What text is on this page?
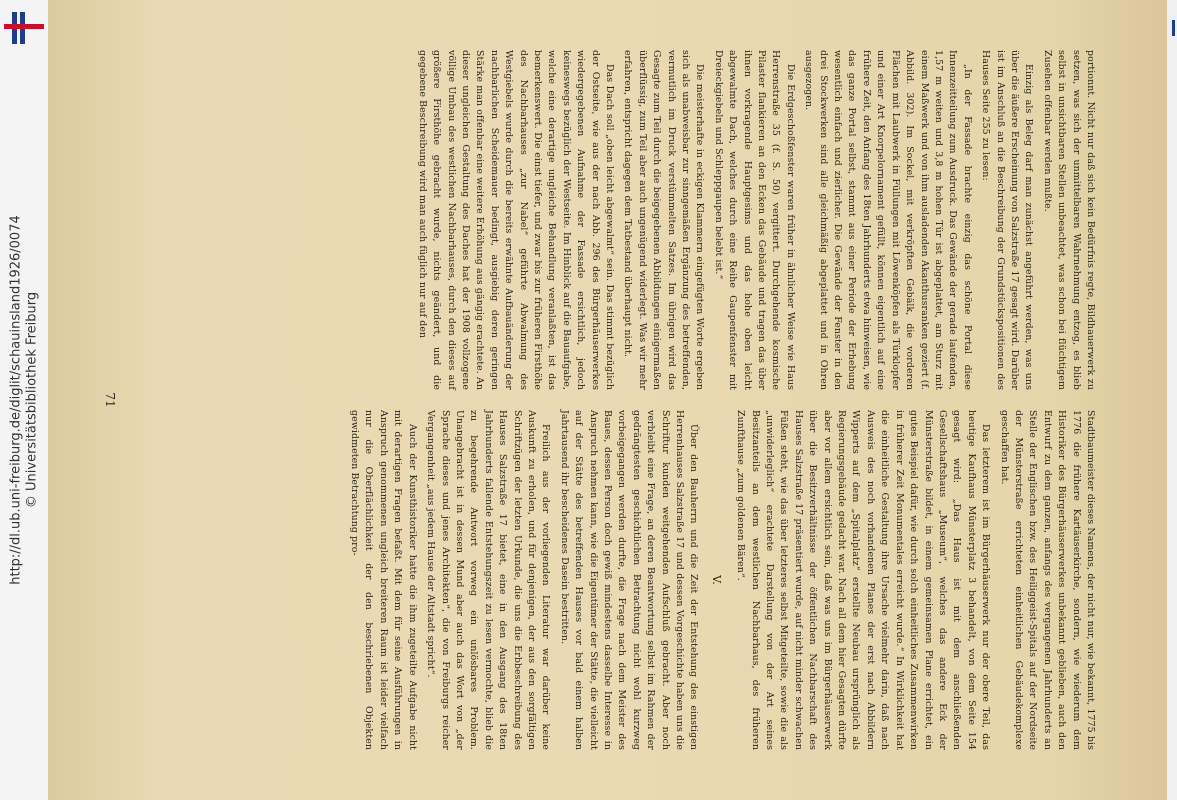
http://dl.ub.uni-freiburg.de/diglit/schauinsland1926/0074 © Universitätsbibliothek Freiburg

portionnt. Nicht nur daß sich kein Bedürfnis regte, Bildhauerwerk zu setzen, was sich der unmittelbaren Wahrnehmung entzog, es blieb selbst in unsichtbaren Stellen unbeachtet, was schon bei flüchtigem Zusehen offenbar werden mußte.

Einzig als Beleg darf man zunächst angeführt werden, was uns über die äußere Erscheinung von Salzstraße 17 gesagt wird. Darüber ist im Anschluß an die Beschreibung der Grundstückspositionen des Hauses Seite 255 zu lesen:

„In der Fassade brachte einzig das schöne Portal diese Innenzeitteilung zum Ausdruck. Das Gewände der gerade laufenden, 1,57 m weiten und 3,8 m hohen Tür ist abgeplattet, am Sturz mit einem Maßwerk und von ihm ausladenden Akanthusranken geziert (f. Abbild. 302). Im Sockel, mit verkröpften Gebälk, die vorderen Flächen mit Laubwerk in Füllungen mit Löwenköpfen als Türklopfer und einer Art Knorpelornament gefüllt, können eigentlich auf eine frühere Zeit, den Anfang des 18ten Jahrhunderts etwa hinweisen, wie das ganze Portal selbst, stammt aus einer Periode der Erhebung wesentlich einfach und zierlicher. Die Gewände der Fenster in den drei Stockwerken sind alle gleichmäßig abgeplattet und in Ohren ausgezogen.

Die Erdgeschoßfenster waren früher in ähnlicher Weise wie Haus Herrenstraße 35 (f. S. 50) vergittert. Durchgehende kosmische Pilaster flankieren an den Ecken das Gebäude und tragen das über ihnen vorkragende Hauptgesims und das hohe oben leicht abgewalmte Dach, welches durch eine Reihe Gaupenfenster mit Dreieckgiebeln und Schleppgaupen belebt ist.“

Die meisterhafte in eckigen Klammern eingefügten Worte ergeben sich als unabweisbar zur sinngemäßen Ergänzung des betreffenden, vermutlich im Druck verstümmelten Satzes. Im übrigen wird das Gesagte zum Teil durch die beigegebenen Abbildungen einigermaßen überflüssig, zum Teil aber auch ungenügend widerlegt. Was wir mehr erfahren, entspricht dagegen dem Tatbestand überhaupt nicht.

Das Dach soll „oben leicht abgewalmt“ sein. Das stimmt bezüglich der Ostseite, wie aus der nach Abb. 296 des Bürgerhäuserwerkes wiedergegebenen Aufnahme der Fassade ersichtlich, jedoch keineswegs bezüglich der Westseite. Im Hinblick auf die Bauaufgabe, welche eine derartige ungleiche Behandlung veranlaßten, ist das bemerkenswert. Die einst tiefer, und zwar bis zur früheren Firsthöhe des Nachbarhauses „zur Nabel“ geführte Abwalmung des Westgiebels wurde durch die bereits erwähnte Aufbauänderung der nachbarlichen Scheidemauer bedingt, ausgiebig deren geringen Stärke man offenbar eine weitere Erhöhung aus gängig erachtete. An dieser ungleichen Gestaltung des Daches hat der 1908 vollzogene völlige Umbau des westlichen Nachbarhauses, durch den dieses auf größere Firsthöhe gebracht wurde, nichts geändert, und die gegebene Beschreibung wird man auch füglich nur auf den

Stadtbaumeister dieses Namens, der nicht nur, wie bekannt, 1775 bis 1776 die frühere Kartäuserkirche, sondern, wie wiederum dem Historiker des Bürgerhäuserwerkes unbekannt geblieben, auch den Entwurf zu dem ganzen, anfangs des vergangenen Jahrhunderts an Stelle der Englischen bzw. des Heiliggeist-Spitals auf der Nordseite der Münsterstraße errichteten einheitlichen Gebäudekomplexe geschaffen hat.

Das letzterem ist im Bürgerhäuserwerk nur der obere Teil, das heutige Kaufhaus Münsterplatz 3 behandelt, von dem Seite 154 gesagt wird: „Das Haus ist mit dem anschließenden Gesellschaftshaus „Museum“, welches das andere Eck der Münsterstraße bildet, in einem gemeinsamen Plane errichtet, ein gutes Beispiel dafür, wie durch solch einheitliches Zusammenwirken in früherer Zeit Monumentales erreicht wurde.“ In Wirklichkeit hat die einheitliche Gestaltung ihre Ursache vielmehr darin, daß nach Ausweis des noch vorhandenen Planes der erst nach Abbildern Wipperts auf dem „Spitalplatz“ erstellte Neubau ursprünglich als Regierungsgebäude gedacht war. Nach all dem hier Gesagten dürfte aber vor allem ersichtlich sein, daß was uns im Bürgerhäuserwerk über die Besitzverhältnisse der öffentlichen Nachbarschaft des Hauses Salzstraße 17 präsentiert wurde, auf nicht minder schwachen Füßen steht, wie das über letzteres selbst Mitgeteilte, sowie die als „unwiderleglich“ erachtete Darstellung von der Art seines Besitzanteils an dem westlichen Nachbarhaus, des früheren Zunfthause „zum goldenen Bären“.

V.

Über den Bauherrn und die Zeit der Entstehung des einstigen Herrenhauses Salzstraße 17 und dessen Vorgeschichte haben uns die Schriftur kunden weitgehenden Aufschluß gebracht. Aber noch verbleibt eine Frage, an deren Beantwortung selbst im Rahmen der gedrängtesten geschichtlichen Betrachtung nicht wohl kurzweg vorbeigegangen werden durfte, die Frage nach dem Meister des Baues, dessen Person doch gewiß mindestens dasselbe Interesse in Anspruch nehmen kann, wie die Eigentümer der Stätte, die vielleicht auf der Stätte des betreffenden Hauses vor bald einem halben Jahrtausend ihr bescheidenes Dasein bestritten.

Freilich aus der vorliegenden Literatur war darüber keine Auskunft zu erholen, und für denjenigen, der aus den sorgfältigen Schriftzügen der letzten Urkunde, die uns die Erbbeschreibung des Hauses Salzstraße 17 bietet, eine in den Ausgang des 18ten Jahrhunderts fallende Entstehungszeit zu lesen vermochte, blieb die zu begehrende Antwort vorweg ein unlösbares Problem. Unangebracht ist in dessen Mund aber auch das Wort von „der Sprache dieses und jenes Architekten“, die von Freiburgs reicher Vergangenheit „aus jedem Hause der Altstadt spricht“.

Auch der Kunsthistoriker hatte die ihm zugeteilte Aufgabe nicht mit derartigen Fragen befaßt. Mit dem für seine Ausführungen in Anspruch genommenen ungleich breiteren Raum ist leider vielfach nur die Oberflächlichkeit der den beschriebenen Objekten gewidmeten Betrachtung pro-

71
